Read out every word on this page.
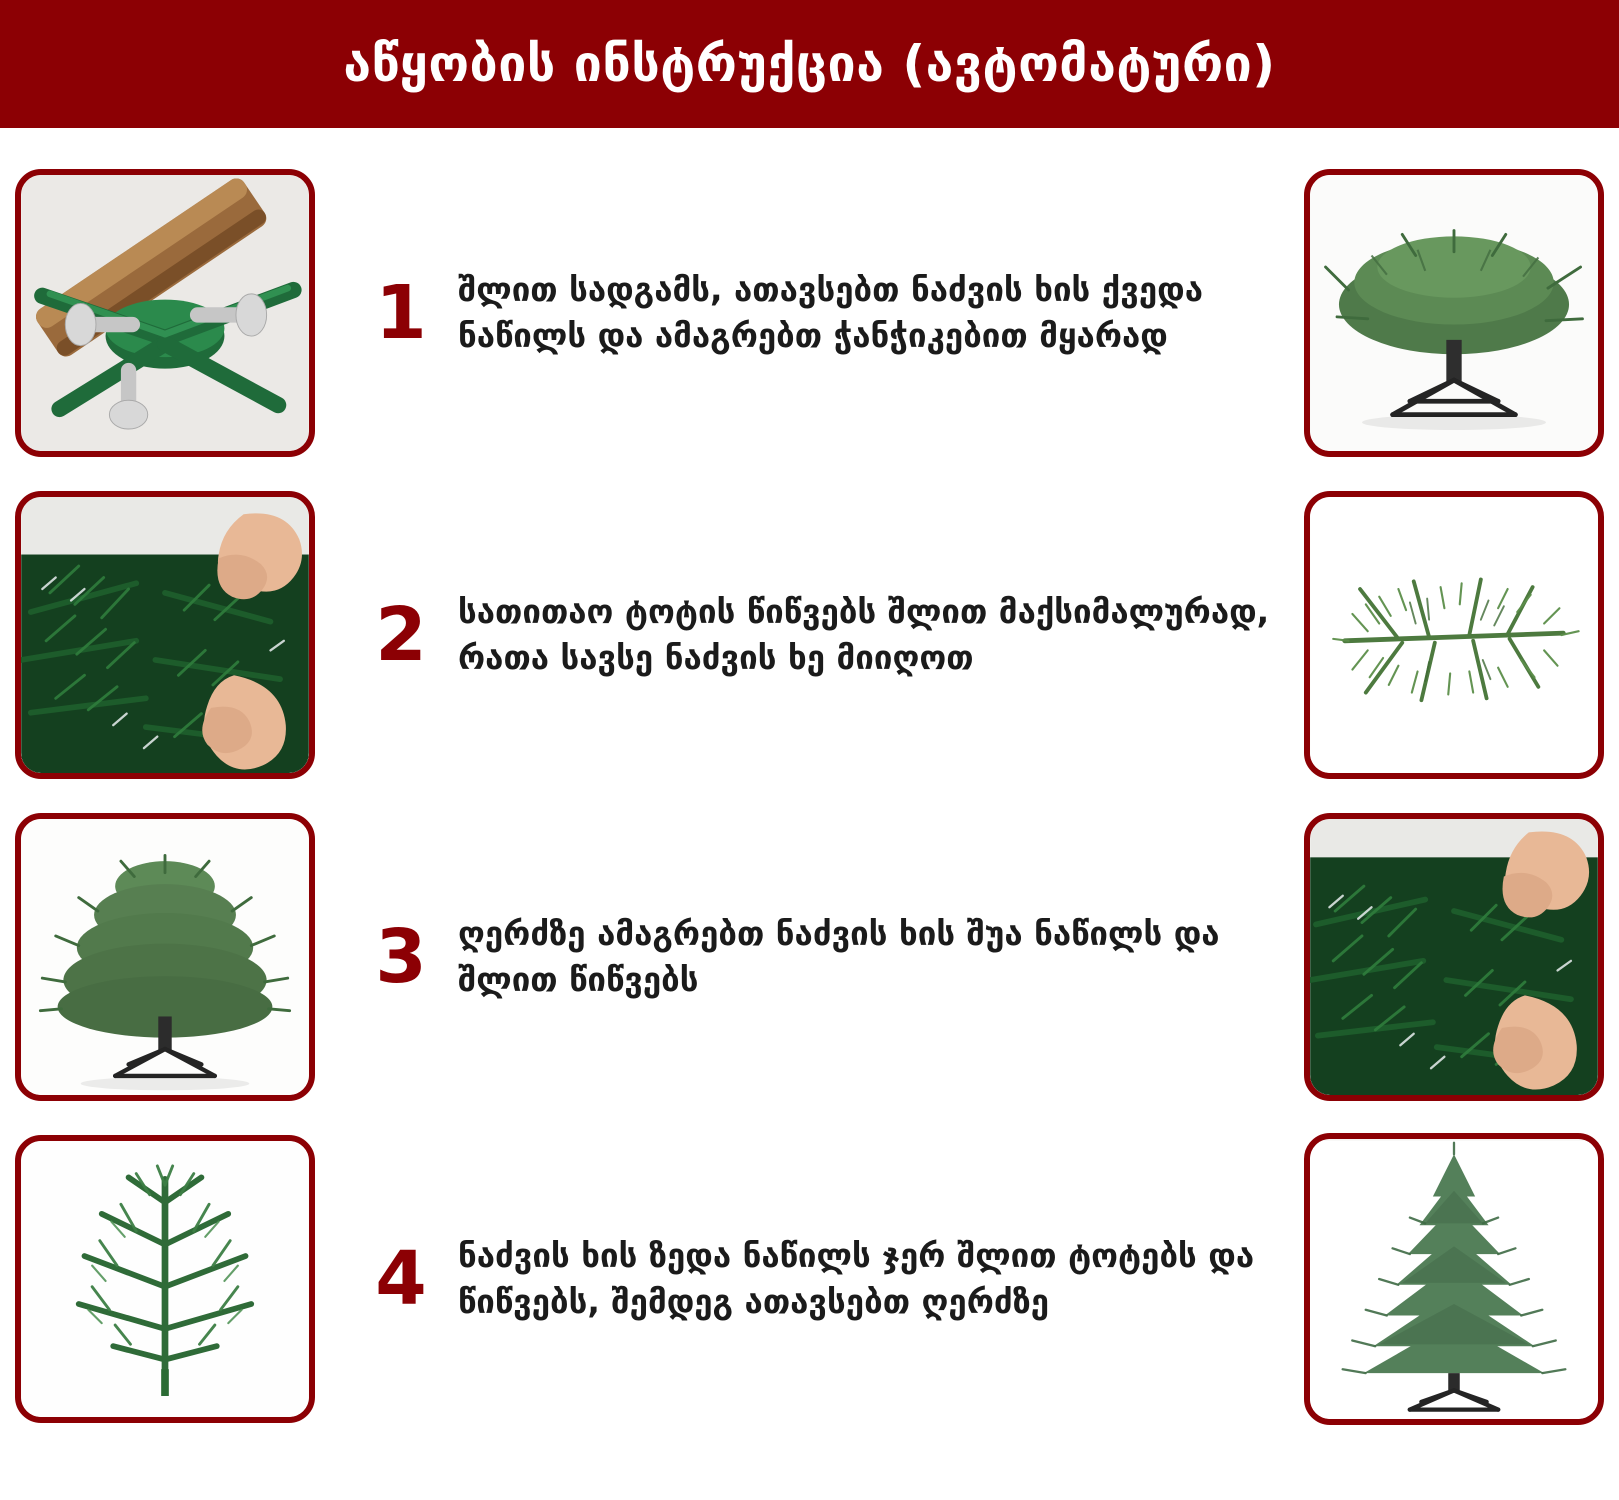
აწყობის ინსტრუქცია (ავტომატური)
1 შლით სადგამს, ათავსებთ ნაძვის ხის ქვედა ნაწილს და ამაგრებთ ჭანჭიკებით მყარად
2 სათითაო ტოტის წიწვებს შლით მაქსიმალურად, რათა სავსე ნაძვის ხე მიიღოთ
3 ღერძზე ამაგრებთ ნაძვის ხის შუა ნაწილს და შლით წიწვებს
4 ნაძვის ხის ზედა ნაწილს ჯერ შლით ტოტებს და წიწვებს, შემდეგ ათავსებთ ღერძზე
